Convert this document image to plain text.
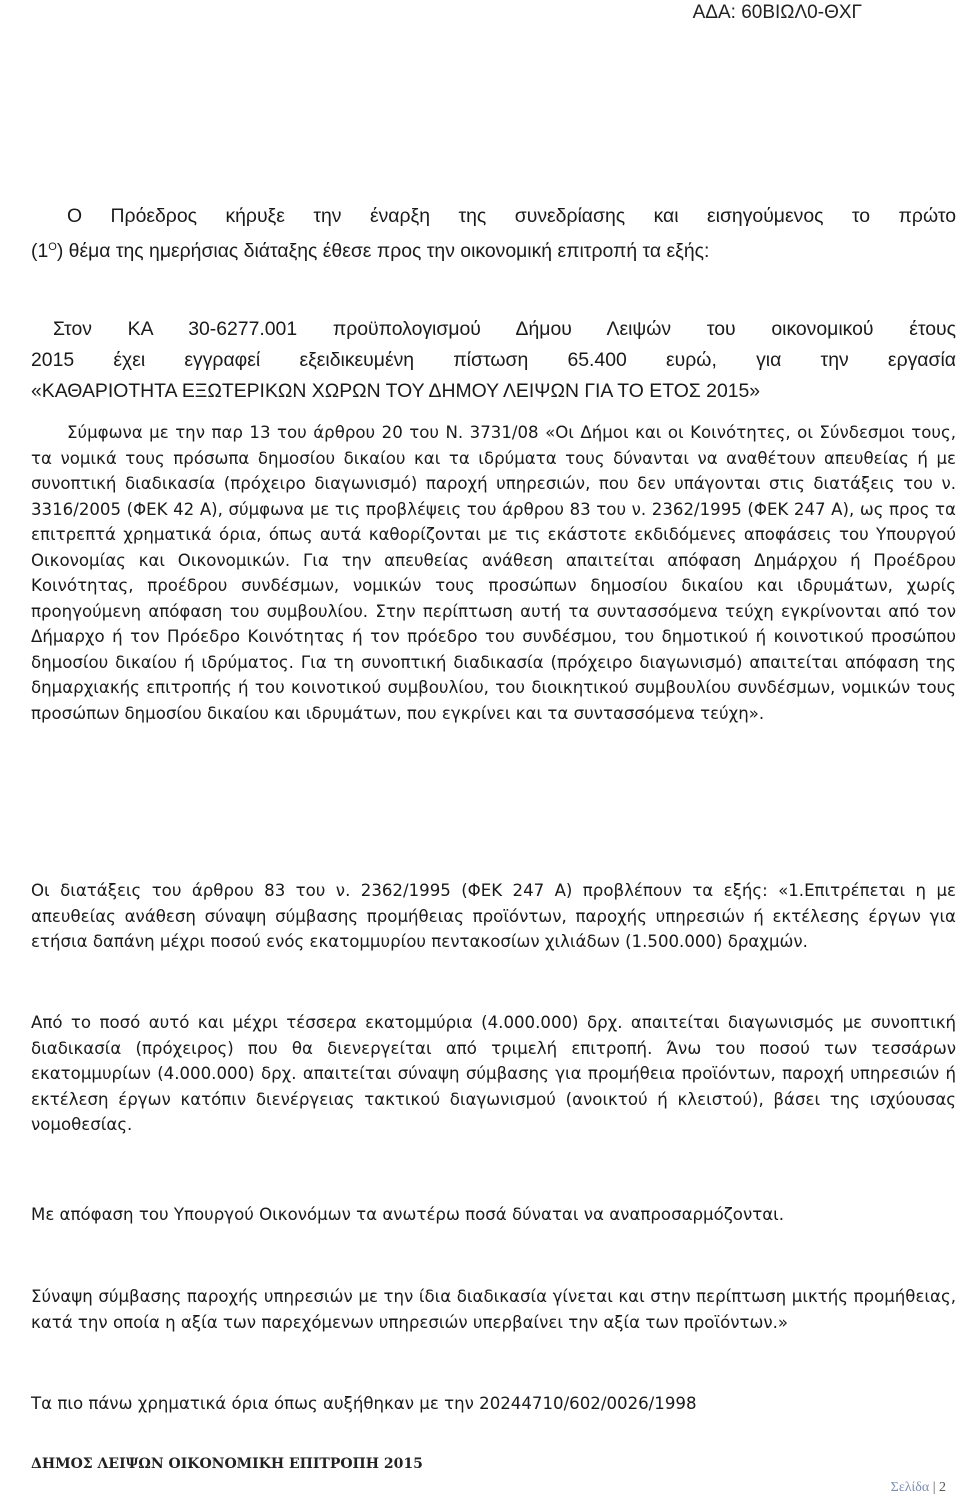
ΑΔΑ: 60ΒΙΩΛ0-ΘΧΓ
Ο Πρόεδρος κήρυξε την έναρξη της συνεδρίασης και εισηγούμενος το πρώτο
$(1^O)$ θέμα της ημερήσιας διάταξης έθεσε προς την οικονομική επιτροπή τα εξής:
Στον ΚΑ 30-6277.001 προϋπολογισμού Δήμου Λειψών του οικονομικού έτους
2015 έχει εγγραφεί εξειδικευμένη πίστωση 65.400 ευρώ, για την εργασία
«ΚΑΘΑΡΙΟΤΗΤΑ ΕΞΩΤΕΡΙΚΩΝ ΧΩΡΩΝ ΤΟΥ ΔΗΜΟΥ ΛΕΙΨΩΝ ΓΙΑ ΤΟ ΕΤΟΣ 2015»

Σύμφωνα με την παρ 13 του άρθρου 20 του Ν. 3731/08 «Οι Δήμοι και οι Κοινότητες, οι Σύνδεσμοι τους, τα νομικά τους πρόσωπα δημοσίου δικαίου και τα ιδρύματα τους δύνανται να αναθέτουν απευθείας ή με συνοπτική διαδικασία (πρόχειρο διαγωνισμό) παροχή υπηρεσιών, που δεν υπάγονται στις διατάξεις του ν. 3316/2005 (ΦΕΚ 42 Α), σύμφωνα με τις προβλέψεις του άρθρου 83 του ν. 2362/1995 (ΦΕΚ 247 Α), ως προς τα επιτρεπτά χρηματικά όρια, όπως αυτά καθορίζονται με τις εκάστοτε εκδιδόμενες αποφάσεις του Υπουργού Οικονομίας και Οικονομικών. Για την απευθείας ανάθεση απαιτείται απόφαση Δημάρχου ή Προέδρου Κοινότητας, προέδρου συνδέσμων, νομικών τους προσώπων δημοσίου δικαίου και ιδρυμάτων, χωρίς προηγούμενη απόφαση του συμβουλίου. Στην περίπτωση αυτή τα συντασσόμενα τεύχη εγκρίνονται από τον Δήμαρχο ή τον Πρόεδρο Κοινότητας ή τον πρόεδρο του συνδέσμου, του δημοτικού ή κοινοτικού προσώπου δημοσίου δικαίου ή ιδρύματος. Για τη συνοπτική διαδικασία (πρόχειρο διαγωνισμό) απαιτείται απόφαση της δημαρχιακής επιτροπής ή του κοινοτικού συμβουλίου, του διοικητικού συμβουλίου συνδέσμων, νομικών τους προσώπων δημοσίου δικαίου και ιδρυμάτων, που εγκρίνει και τα συντασσόμενα τεύχη».

Οι διατάξεις του άρθρου 83 του ν. 2362/1995 (ΦΕΚ 247 Α) προβλέπουν τα εξής: «1.Επιτρέπεται η με απευθείας ανάθεση σύναψη σύμβασης προμήθειας προϊόντων, παροχής υπηρεσιών ή εκτέλεσης έργων για ετήσια δαπάνη μέχρι ποσού ενός εκατομμυρίου πεντακοσίων χιλιάδων (1.500.000) δραχμών.

Από το ποσό αυτό και μέχρι τέσσερα εκατομμύρια (4.000.000) δρχ. απαιτείται διαγωνισμός με συνοπτική διαδικασία (πρόχειρος) που θα διενεργείται από τριμελή επιτροπή. Άνω του ποσού των τεσσάρων εκατομμυρίων (4.000.000) δρχ. απαιτείται σύναψη σύμβασης για προμήθεια προϊόντων, παροχή υπηρεσιών ή εκτέλεση έργων κατόπιν διενέργειας τακτικού διαγωνισμού (ανοικτού ή κλειστού), βάσει της ισχύουσας νομοθεσίας.

Με απόφαση του Υπουργού Οικονόμων τα ανωτέρω ποσά δύναται να αναπροσαρμόζονται.

Σύναψη σύμβασης παροχής υπηρεσιών με την ίδια διαδικασία γίνεται και στην περίπτωση μικτής προμήθειας, κατά την οποία η αξία των παρεχόμενων υπηρεσιών υπερβαίνει την αξία των προϊόντων.»

Τα πιο πάνω χρηματικά όρια όπως αυξήθηκαν με την 20244710/602/0026/1998

ΔΗΜΟΣ ΛΕΙΨΩΝ ΟΙΚΟΝΟΜΙΚΗ ΕΠΙΤΡΟΠΗ 2015
Σελίδα | 2
